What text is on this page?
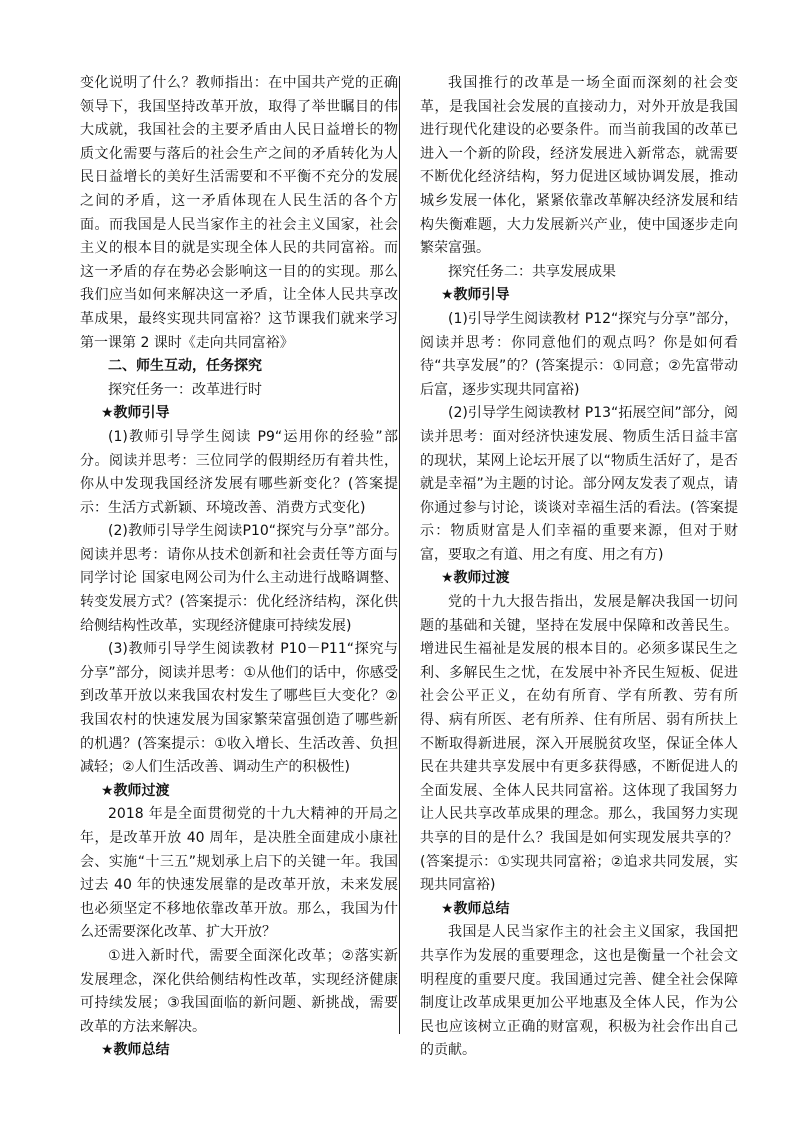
变化说明了什么？教师指出：在中国共产党的正确领导下，我国坚持改革开放，取得了举世瞩目的伟大成就，我国社会的主要矛盾由人民日益增长的物质文化需要与落后的社会生产之间的矛盾转化为人民日益增长的美好生活需要和不平衡不充分的发展之间的矛盾，这一矛盾体现在人民生活的各个方面。而我国是人民当家作主的社会主义国家，社会主义的根本目的就是实现全体人民的共同富裕。而这一矛盾的存在势必会影响这一目的的实现。那么我们应当如何来解决这一矛盾，让全体人民共享改革成果，最终实现共同富裕？这节课我们就来学习第一课第 2 课时《走向共同富裕》

二、师生互动，任务探究

探究任务一：改革进行时

★教师引导

(1)教师引导学生阅读 P9“运用你的经验”部分。阅读并思考：三位同学的假期经历有着共性，你从中发现我国经济发展有哪些新变化？(答案提示：生活方式新颖、环境改善、消费方式变化)

(2)教师引导学生阅读P10“探究与分享”部分。阅读并思考：请你从技术创新和社会责任等方面与同学讨论 国家电网公司为什么主动进行战略调整、转变发展方式？(答案提示：优化经济结构，深化供给侧结构性改革，实现经济健康可持续发展)

(3)教师引导学生阅读教材 P10－P11“探究与分享”部分，阅读并思考：①从他们的话中，你感受到改革开放以来我国农村发生了哪些巨大变化？②我国农村的快速发展为国家繁荣富强创造了哪些新的机遇？(答案提示：①收入增长、生活改善、负担减轻；②人们生活改善、调动生产的积极性)

★教师过渡

2018 年是全面贯彻党的十九大精神的开局之年，是改革开放 40 周年，是决胜全面建成小康社会、实施“十三五”规划承上启下的关键一年。我国过去 40 年的快速发展靠的是改革开放，未来发展也必须坚定不移地依靠改革开放。那么，我国为什么还需要深化改革、扩大开放？

①进入新时代，需要全面深化改革；②落实新发展理念，深化供给侧结构性改革，实现经济健康可持续发展；③我国面临的新问题、新挑战，需要改革的方法来解决。

★教师总结

我国推行的改革是一场全面而深刻的社会变革，是我国社会发展的直接动力，对外开放是我国进行现代化建设的必要条件。而当前我国的改革已进入一个新的阶段，经济发展进入新常态，就需要不断优化经济结构，努力促进区域协调发展，推动城乡发展一体化，紧紧依靠改革解决经济发展和结构失衡难题，大力发展新兴产业，使中国逐步走向繁荣富强。

探究任务二：共享发展成果

★教师引导

(1)引导学生阅读教材 P12“探究与分享”部分，阅读并思考：你同意他们的观点吗？你是如何看待“共享发展”的？(答案提示：①同意；②先富带动后富，逐步实现共同富裕)

(2)引导学生阅读教材 P13“拓展空间”部分，阅读并思考：面对经济快速发展、物质生活日益丰富的现状，某网上论坛开展了以“物质生活好了，是否就是幸福”为主题的讨论。部分网友发表了观点，请你通过参与讨论，谈谈对幸福生活的看法。(答案提示：物质财富是人们幸福的重要来源，但对于财富，要取之有道、用之有度、用之有方)

★教师过渡

党的十九大报告指出，发展是解决我国一切问题的基础和关键，坚持在发展中保障和改善民生。增进民生福祉是发展的根本目的。必须多谋民生之利、多解民生之忧，在发展中补齐民生短板、促进社会公平正义，在幼有所育、学有所教、劳有所得、病有所医、老有所养、住有所居、弱有所扶上不断取得新进展，深入开展脱贫攻坚，保证全体人民在共建共享发展中有更多获得感，不断促进人的全面发展、全体人民共同富裕。这体现了我国努力让人民共享改革成果的理念。那么，我国努力实现共享的目的是什么？我国是如何实现发展共享的？(答案提示：①实现共同富裕；②追求共同发展，实现共同富裕)

★教师总结

我国是人民当家作主的社会主义国家，我国把共享作为发展的重要理念，这也是衡量一个社会文明程度的重要尺度。我国通过完善、健全社会保障制度让改革成果更加公平地惠及全体人民，作为公民也应该树立正确的财富观，积极为社会作出自己的贡献。
